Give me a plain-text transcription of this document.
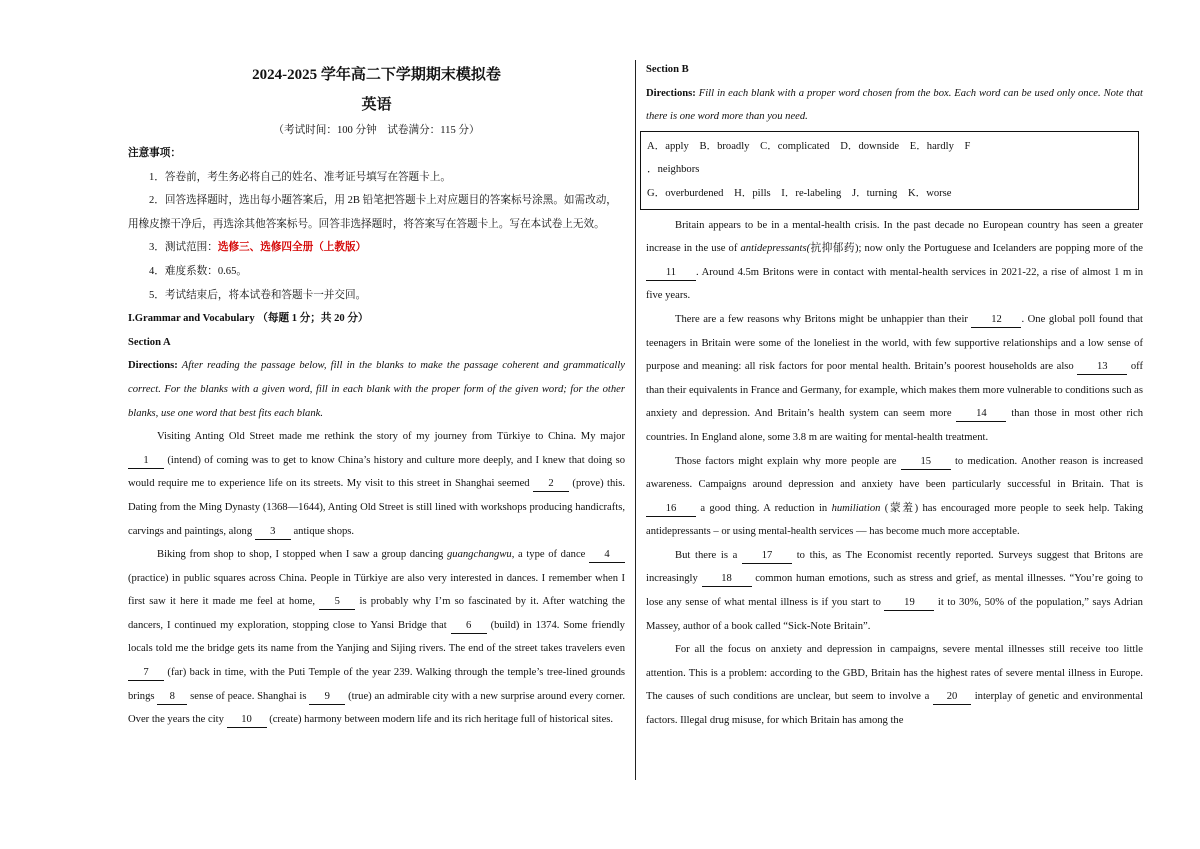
2024-2025 学年高二下学期期末模拟卷
英语
（考试时间：100 分钟　试卷满分：115 分）
注意事项：
1．答卷前，考生务必将自己的姓名、准考证号填写在答题卡上。
2．回答选择题时，选出每小题答案后，用 2B 铅笔把答题卡上对应题目的答案标号涂黑。如需改动，用橡皮擦干净后，再选涂其他答案标号。回答非选择题时，将答案写在答题卡上。写在本试卷上无效。
3．测试范围：选修三、选修四全册（上教版）
4．难度系数：0.65。
5．考试结束后，将本试卷和答题卡一并交回。
I.Grammar and Vocabulary （每题 1 分；共 20 分）
Section A

Directions: After reading the passage below, fill in the blanks to make the passage coherent and grammatically correct. For the blanks with a given word, fill in each blank with the proper form of the given word; for the other blanks, use one word that best fits each blank.

Visiting Anting Old Street made me rethink the story of my journey from Türkiye to China. My major 1 (intend) of coming was to get to know China’s history and culture more deeply, and I knew that doing so would require me to experience life on its streets. My visit to this street in Shanghai seemed 2 (prove) this. Dating from the Ming Dynasty (1368—1644), Anting Old Street is still lined with workshops producing handicrafts, carvings and paintings, along 3 antique shops.

Biking from shop to shop, I stopped when I saw a group dancing guangchangwu, a type of dance 4 (practice) in public squares across China. People in Türkiye are also very interested in dances. I remember when I first saw it here it made me feel at home, 5 is probably why I’m so fascinated by it. After watching the dancers, I continued my exploration, stopping close to Yansi Bridge that 6 (build) in 1374. Some friendly locals told me the bridge gets its name from the Yanjing and Sijing rivers. The end of the street takes travelers even 7 (far) back in time, with the Puti Temple of the year 239. Walking through the temple’s tree-lined grounds brings 8 sense of peace. Shanghai is 9 (true) an admirable city with a new surprise around every corner. Over the years the city 10 (create) harmony between modern life and its rich heritage full of historical sites.

Section B

Directions: Fill in each blank with a proper word chosen from the box. Each word can be used only once. Note that there is one word more than you need.

A．apply B．broadly C．complicated D．downside E．hardly F
．neighbors
G．overburdened H．pills I．re-labeling J．turning K．worse

Britain appears to be in a mental-health crisis. In the past decade no European country has seen a greater increase in the use of antidepressants(抗抑郁药); now only the Portuguese and Icelanders are popping more of the 11 . Around 4.5m Britons were in contact with mental-health services in 2021-22, a rise of almost 1 m in five years.

There are a few reasons why Britons might be unhappier than their 12 . One global poll found that teenagers in Britain were some of the loneliest in the world, with few supportive relationships and a low sense of purpose and meaning: all risk factors for poor mental health. Britain’s poorest households are also 13 off than their equivalents in France and Germany, for example, which makes them more vulnerable to conditions such as anxiety and depression. And Britain’s health system can seem more 14 than those in most other rich countries. In England alone, some 3.8 m are waiting for mental-health treatment.

Those factors might explain why more people are 15 to medication. Another reason is increased awareness. Campaigns around depression and anxiety have been particularly successful in Britain. That is 16 a good thing. A reduction in humiliation (蒙羞) has encouraged more people to seek help. Taking antidepressants – or using mental-health services — has become much more acceptable.

But there is a 17 to this, as The Economist recently reported. Surveys suggest that Britons are increasingly 18 common human emotions, such as stress and grief, as mental illnesses. “You’re going to lose any sense of what mental illness is if you start to 19 it to 30%, 50% of the population,” says Adrian Massey, author of a book called “Sick-Note Britain”.

For all the focus on anxiety and depression in campaigns, severe mental illnesses still receive too little attention. This is a problem: according to the GBD, Britain has the highest rates of severe mental illness in Europe. The causes of such conditions are unclear, but seem to involve a 20 interplay of genetic and environmental factors. Illegal drug misuse, for which Britain has among the
